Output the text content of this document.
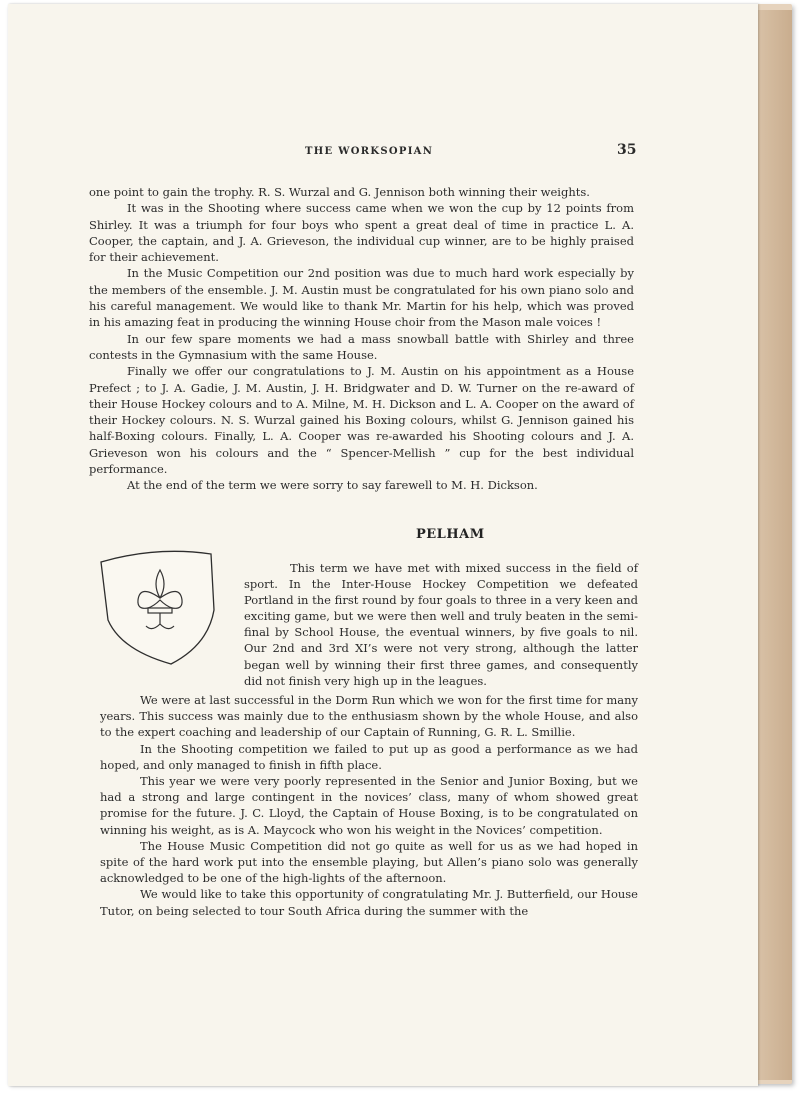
THE WORKSOPIAN	35

one point to gain the trophy. R. S. Wurzal and G. Jennison both winning their weights.

It was in the Shooting where success came when we won the cup by 12 points from Shirley. It was a triumph for four boys who spent a great deal of time in practice L. A. Cooper, the captain, and J. A. Grieveson, the individual cup winner, are to be highly praised for their achievement.

In the Music Competition our 2nd position was due to much hard work especially by the members of the ensemble. J. M. Austin must be congratulated for his own piano solo and his careful management. We would like to thank Mr. Martin for his help, which was proved in his amazing feat in producing the winning House choir from the Mason male voices !

In our few spare moments we had a mass snowball battle with Shirley and three contests in the Gymnasium with the same House.

Finally we offer our congratulations to J. M. Austin on his appointment as a House Prefect ; to J. A. Gadie, J. M. Austin, J. H. Bridgwater and D. W. Turner on the re-award of their House Hockey colours and to A. Milne, M. H. Dickson and L. A. Cooper on the award of their Hockey colours. N. S. Wurzal gained his Boxing colours, whilst G. Jennison gained his half-Boxing colours. Finally, L. A. Cooper was re-awarded his Shooting colours and J. A. Grieveson won his colours and the “ Spencer-Mellish ” cup for the best individual performance.

At the end of the term we were sorry to say farewell to M. H. Dickson.

PELHAM

This term we have met with mixed success in the field of sport. In the Inter-House Hockey Competition we defeated Portland in the first round by four goals to three in a very keen and exciting game, but we were then well and truly beaten in the semi-final by School House, the eventual winners, by five goals to nil. Our 2nd and 3rd XI’s were not very strong, although the latter began well by winning their first three games, and consequently did not finish very high up in the leagues.

We were at last successful in the Dorm Run which we won for the first time for many years. This success was mainly due to the enthusiasm shown by the whole House, and also to the expert coaching and leadership of our Captain of Running, G. R. L. Smillie.

In the Shooting competition we failed to put up as good a performance as we had hoped, and only managed to finish in fifth place.

This year we were very poorly represented in the Senior and Junior Boxing, but we had a strong and large contingent in the novices’ class, many of whom showed great promise for the future. J. C. Lloyd, the Captain of House Boxing, is to be congratulated on winning his weight, as is A. Maycock who won his weight in the Novices’ competition.

The House Music Competition did not go quite as well for us as we had hoped in spite of the hard work put into the ensemble playing, but Allen’s piano solo was generally acknowledged to be one of the high-lights of the afternoon.

We would like to take this opportunity of congratulating Mr. J. Butterfield, our House Tutor, on being selected to tour South Africa during the summer with the
